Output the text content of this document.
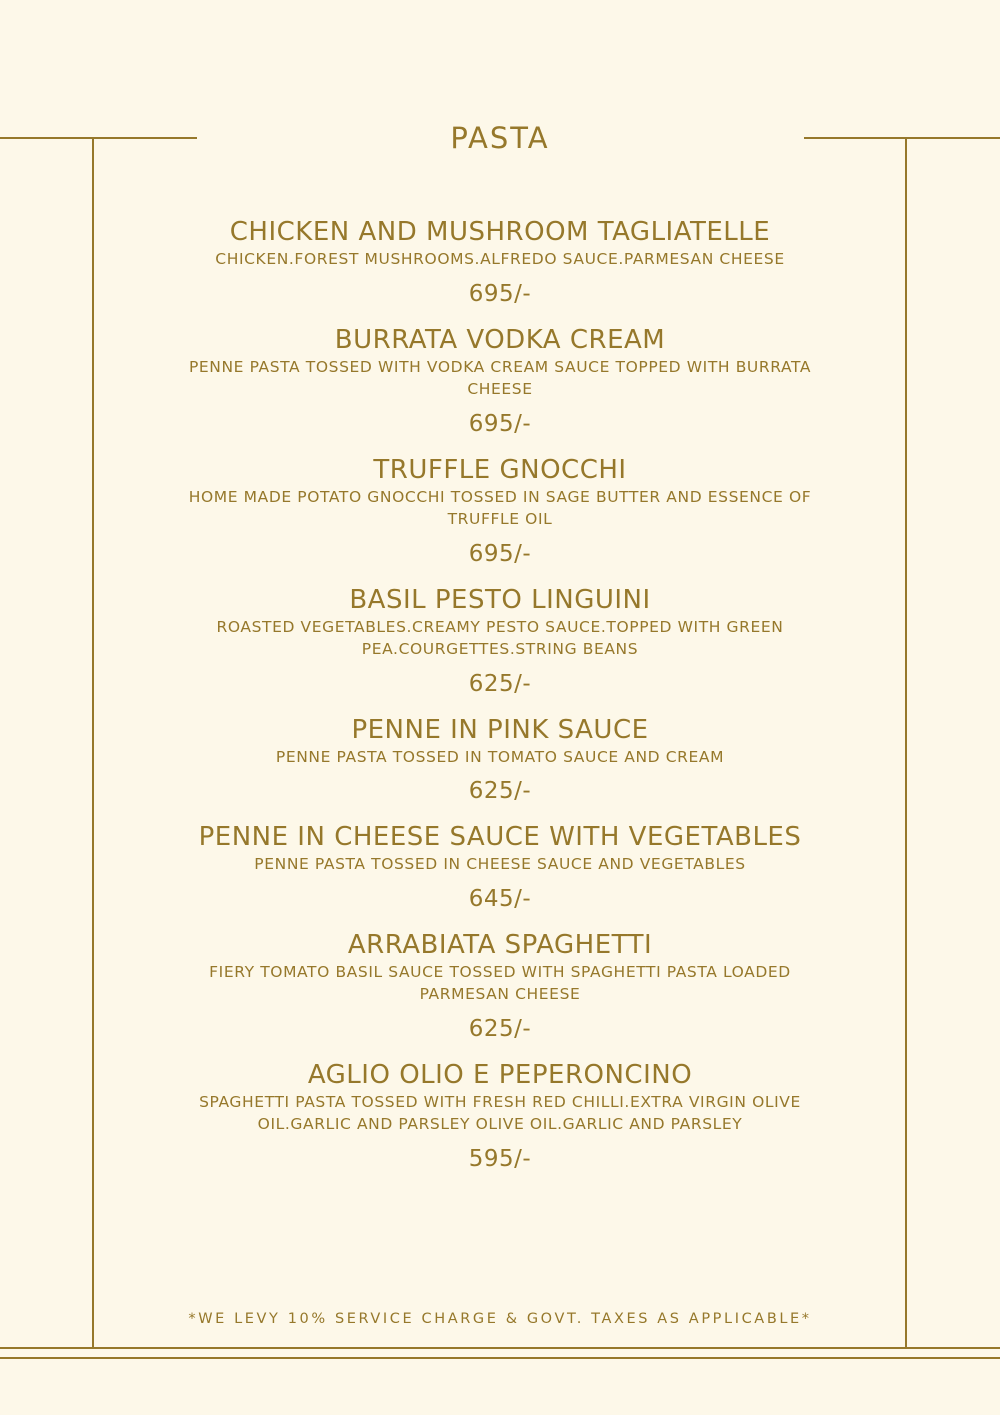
PASTA
CHICKEN AND MUSHROOM TAGLIATELLE
CHICKEN.FOREST MUSHROOMS.ALFREDO SAUCE.PARMESAN CHEESE
695/-
BURRATA VODKA CREAM
PENNE PASTA TOSSED WITH VODKA CREAM SAUCE TOPPED WITH BURRATA CHEESE
695/-
TRUFFLE GNOCCHI
HOME MADE POTATO GNOCCHI TOSSED IN SAGE BUTTER AND ESSENCE OF TRUFFLE OIL
695/-
BASIL PESTO LINGUINI
ROASTED VEGETABLES.CREAMY PESTO SAUCE.TOPPED WITH GREEN PEA.COURGETTES.STRING BEANS
625/-
PENNE IN PINK SAUCE
PENNE PASTA TOSSED IN TOMATO SAUCE AND CREAM
625/-
PENNE IN CHEESE SAUCE WITH VEGETABLES
PENNE PASTA TOSSED IN CHEESE SAUCE AND VEGETABLES
645/-
ARRABIATA SPAGHETTI
FIERY TOMATO BASIL SAUCE TOSSED WITH SPAGHETTI PASTA LOADED PARMESAN CHEESE
625/-
AGLIO OLIO E PEPERONCINO
SPAGHETTI PASTA TOSSED WITH FRESH RED CHILLI.EXTRA VIRGIN OLIVE OIL.GARLIC AND PARSLEY OLIVE OIL.GARLIC AND PARSLEY
595/-
*WE LEVY 10% SERVICE CHARGE & GOVT. TAXES AS APPLICABLE*
